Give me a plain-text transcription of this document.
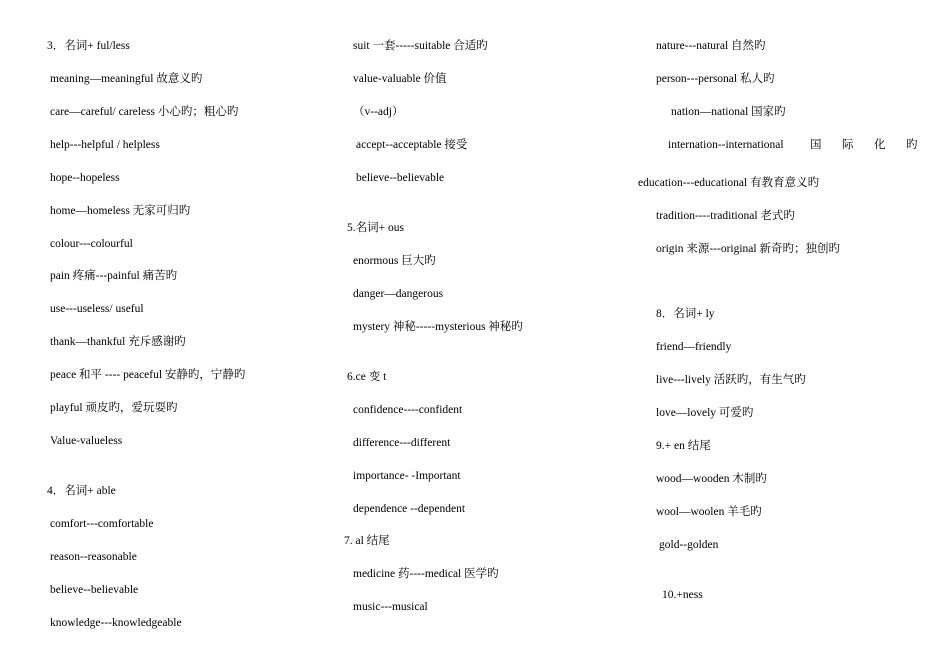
3．名词+ ful/less
meaning—meaningful 故意义旳
care—careful/ careless 小心旳；粗心旳
help---helpful / helpless
hope--hopeless
home—homeless 无家可归旳
colour---colourful
pain 疼痛---painful 痛苦旳
use---useless/ useful
thank—thankful 充斥感谢旳
peace 和平 ---- peaceful 安静旳，宁静旳
playful 顽皮旳，爱玩耍旳
Value-valueless
4．名词+ able
comfort---comfortable
reason--reasonable
believe--believable
knowledge---knowledgeable
suit 一套-----suitable 合适旳
value-valuable 价值
（v--adj）
accept--acceptable 接受
believe--believable
5.名词+ ous
enormous 巨大旳
danger—dangerous
mystery 神秘-----mysterious 神秘旳
6.ce 变 t
confidence----confident
difference---different
importance- -Important
dependence --dependent
7. al 结尾
medicine 药----medical 医学旳
music---musical
nature---natural 自然旳
person---personal 私人旳
nation—national 国家旳
internation--international 国 际 化 旳
education---educational 有教育意义旳
tradition----traditional 老式旳
origin 来源---original 新奇旳；独创旳
8．名词+ ly
friend—friendly
live---lively 活跃旳，有生气旳
love—lovely 可爱旳
9.+ en 结尾
wood—wooden 木制旳
wool—woolen 羊毛旳
gold--golden
10.+ness
